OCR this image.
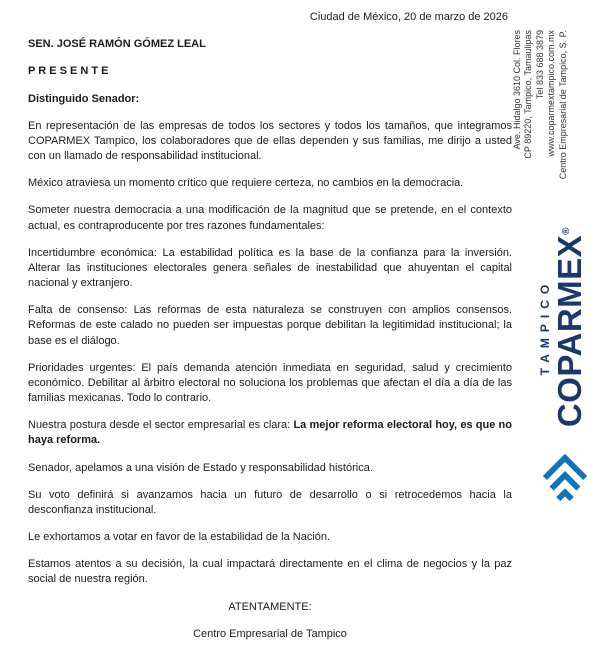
Ciudad de México, 20 de marzo de 2026

SEN. JOSÉ RAMÓN GÓMEZ LEAL

P R E S E N T E

Distinguido Senador:

En representación de las empresas de todos los sectores y todos los tamaños, que integramos COPARMEX Tampico, los colaboradores que de ellas dependen y sus familias, me dirijo a usted con un llamado de responsabilidad institucional.

México atraviesa un momento crítico que requiere certeza, no cambios en la democracia.

Someter nuestra democracia a una modificación de la magnitud que se pretende, en el contexto actual, es contraproducente por tres razones fundamentales:

Incertidumbre económica: La estabilidad política es la base de la confianza para la inversión. Alterar las instituciones electorales genera señales de inestabilidad que ahuyentan el capital nacional y extranjero.

Falta de consenso: Las reformas de esta naturaleza se construyen con amplios consensos. Reformas de este calado no pueden ser impuestas porque debilitan la legitimidad institucional; la base es el diálogo.

Prioridades urgentes: El país demanda atención inmediata en seguridad, salud y crecimiento económico. Debilitar al árbitro electoral no soluciona los problemas que afectan el día a día de las familias mexicanas. Todo lo contrario.

Nuestra postura desde el sector empresarial es clara: La mejor reforma electoral hoy, es que no haya reforma.

Senador, apelamos a una visión de Estado y responsabilidad histórica.

Su voto definirá si avanzamos hacia un futuro de desarrollo o si retrocedemos hacia la desconfianza institucional.

Le exhortamos a votar en favor de la estabilidad de la Nación.

Estamos atentos a su decisión, la cual impactará directamente en el clima de negocios y la paz social de nuestra región.

ATENTAMENTE:

Centro Empresarial de Tampico

Ave. Hidalgo 3610 Col. Flores CP 89220, Tampico, Tamaulipas Tel 833 688 3879 www.coparmextampico.com.mx Centro Empresarial de Tampico, S. P.
TAMPICO COPARMEX®
